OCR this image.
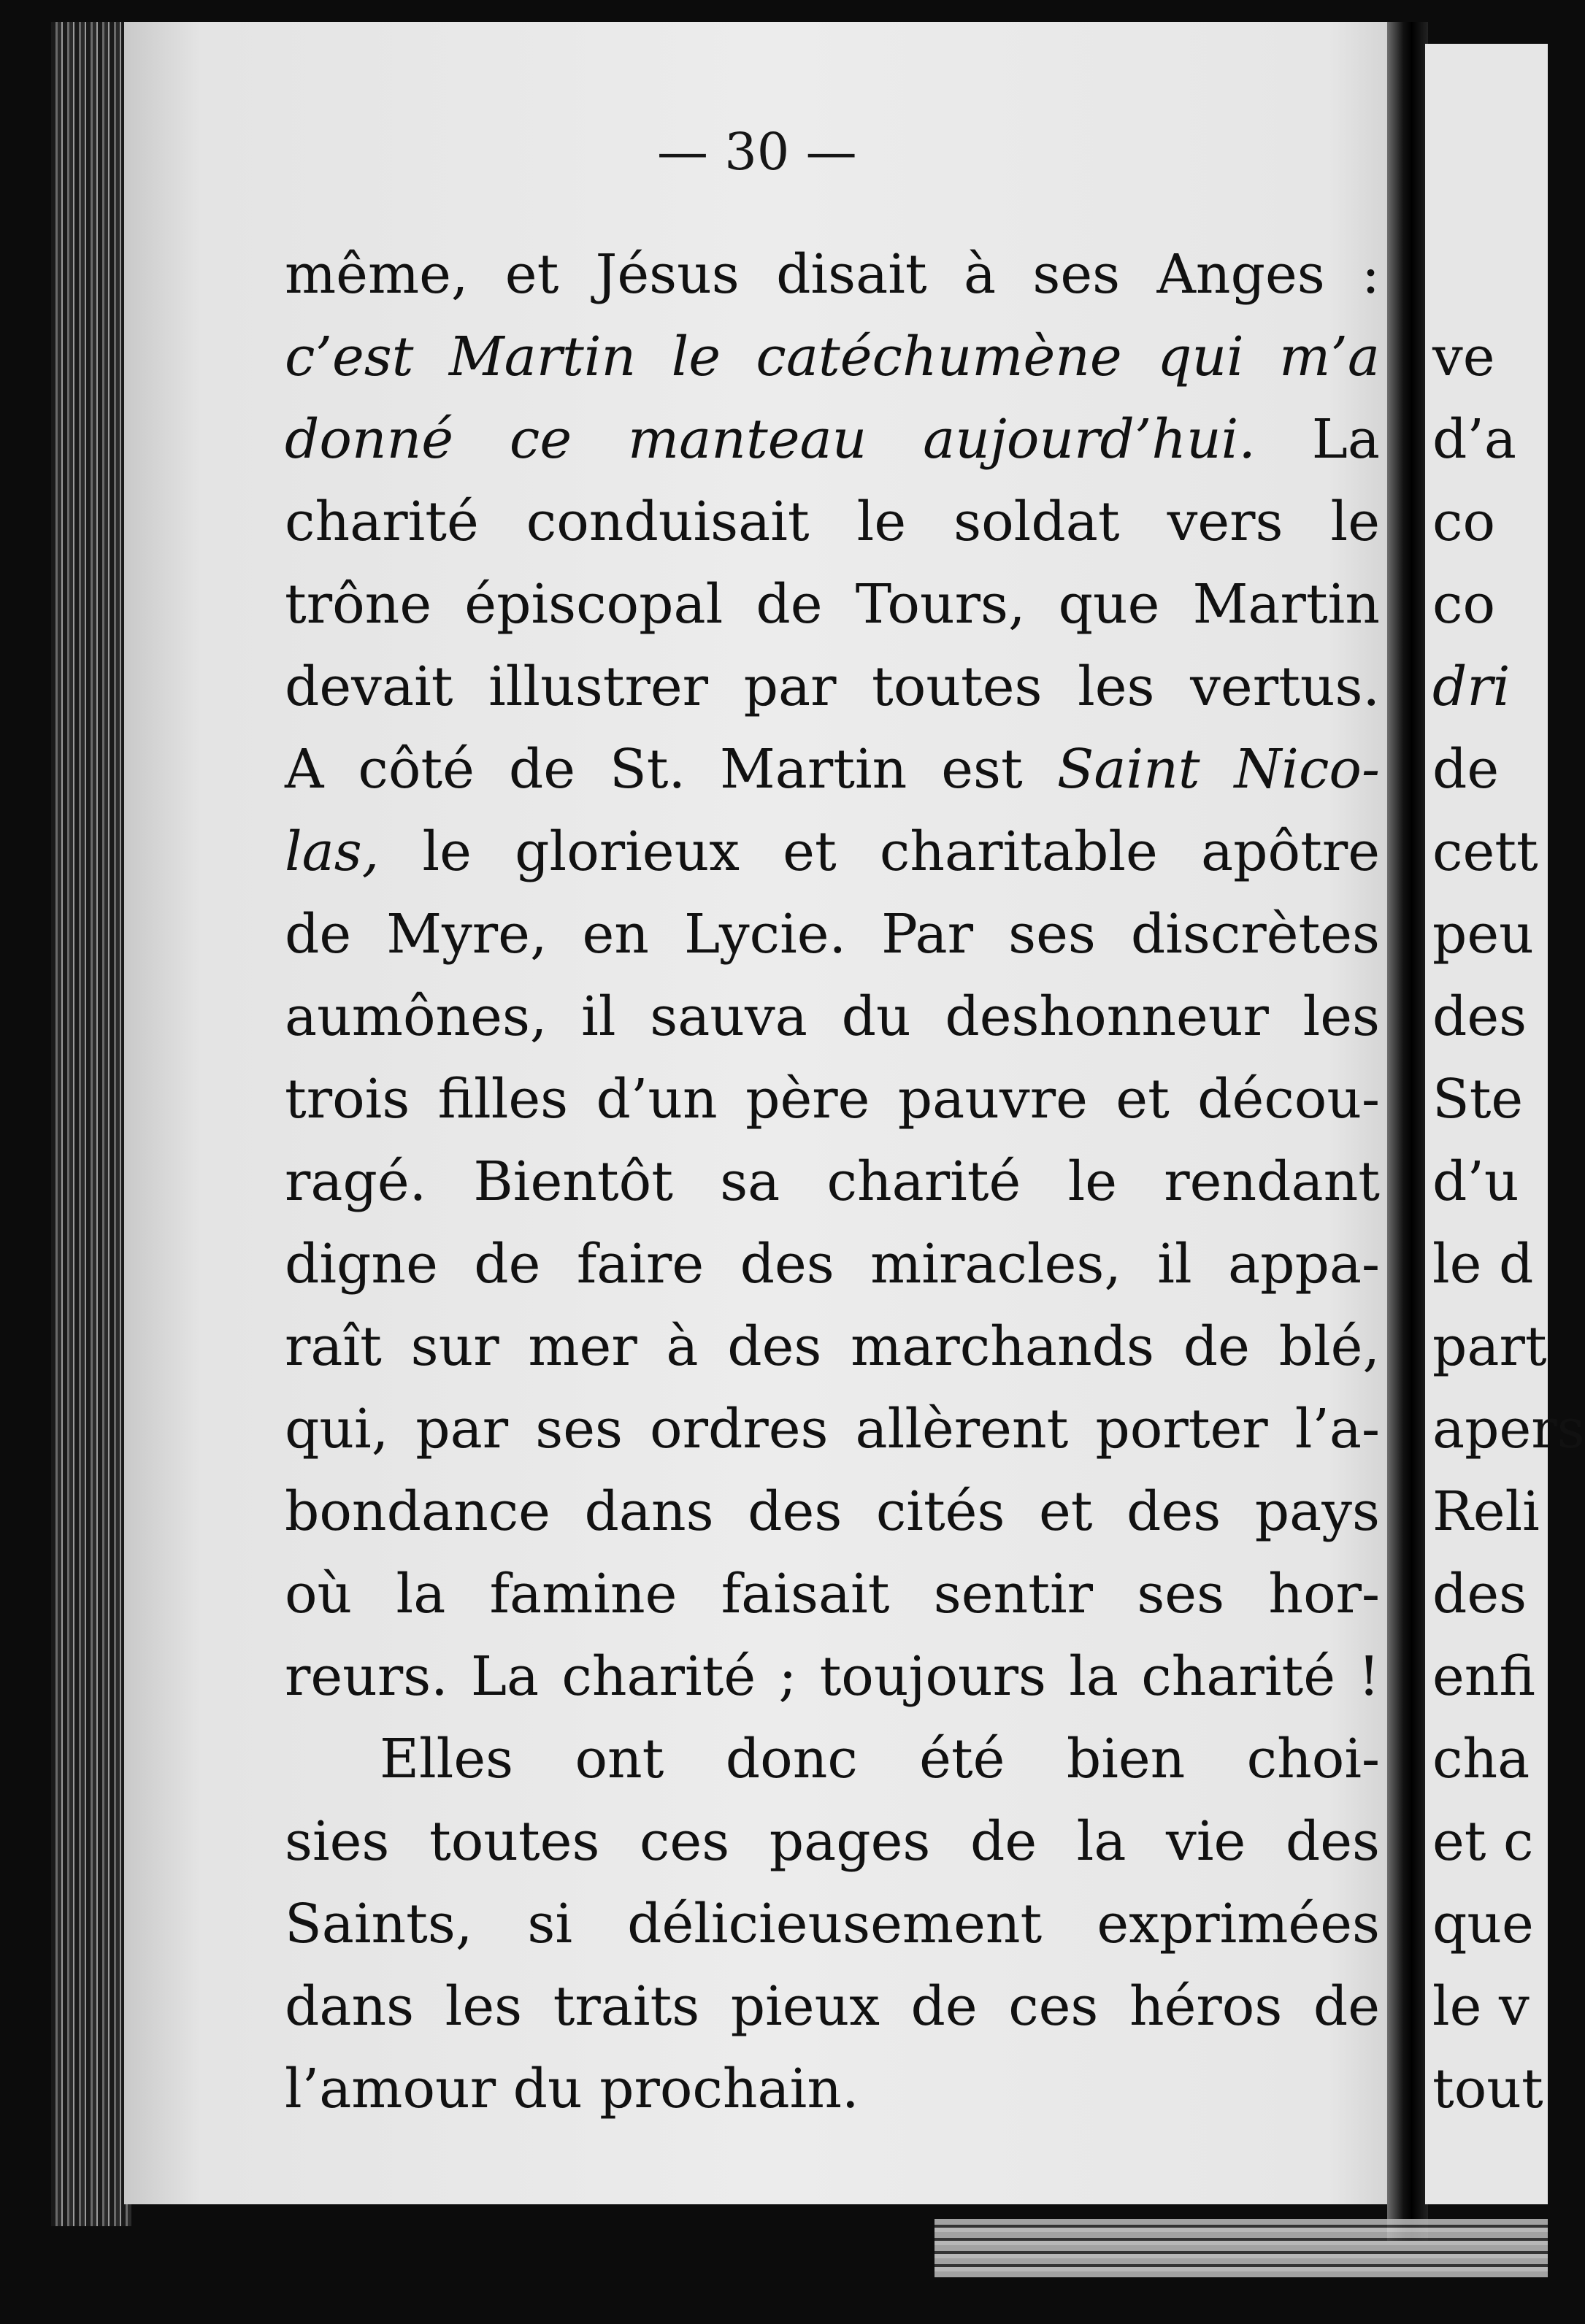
— 30 —
même, et Jésus disait à ses Anges :
c’est Martin le catéchumène qui m’a
donné ce manteau aujourd’hui. La
charité conduisait le soldat vers le
trône épiscopal de Tours, que Martin
devait illustrer par toutes les vertus.
A côté de St. Martin est Saint Nico-
las, le glorieux et charitable apôtre
de Myre, en Lycie. Par ses discrètes
aumônes, il sauva du deshonneur les
trois filles d’un père pauvre et décou-
ragé. Bientôt sa charité le rendant
digne de faire des miracles, il appa-
raît sur mer à des marchands de blé,
qui, par ses ordres allèrent porter l’a-
bondance dans des cités et des pays
où la famine faisait sentir ses hor-
reurs. La charité ; toujours la charité !
Elles ont donc été bien choi-
sies toutes ces pages de la vie des
Saints, si délicieusement exprimées
dans les traits pieux de ces héros de
l’amour du prochain.
ve
d’a
co
co
dri
de
cett
peu
des
Ste
d’u
le d
part
apers
Reli
des
enfi
cha
et c
que
le v
tout
